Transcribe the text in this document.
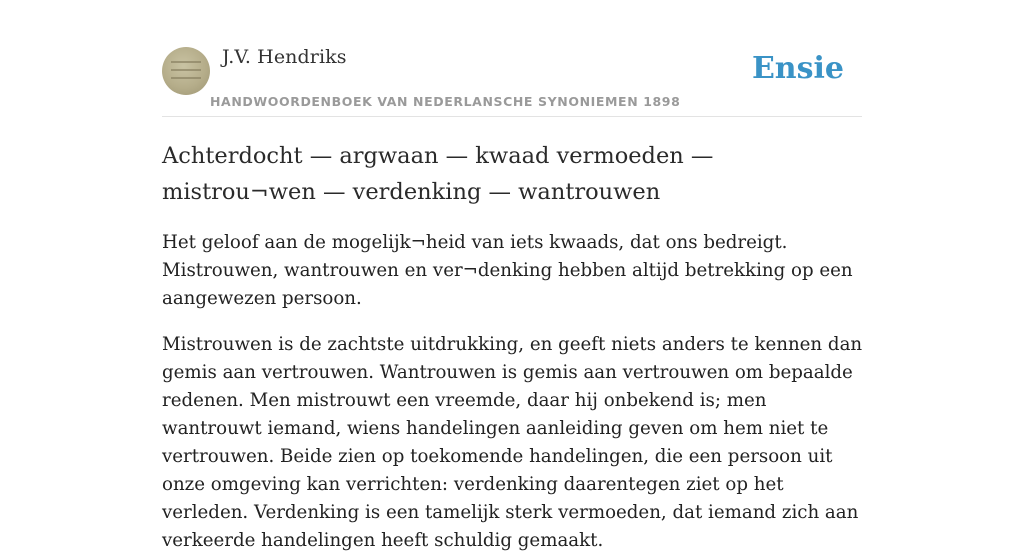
J.V. Hendriks
HANDWOORDENBOEK VAN NEDERLANSCHE SYNONIEMEN 1898
Ensie
Achterdocht — argwaan — kwaad vermoeden — mistrou¬wen — verdenking — wantrouwen

Het geloof aan de mogelijk¬heid van iets kwaads, dat ons bedreigt. Mistrouwen, wantrouwen en ver¬denking hebben altijd betrekking op een aangewezen persoon.

Mistrouwen is de zachtste uitdrukking, en geeft niets anders te kennen dan gemis aan vertrouwen. Wantrouwen is gemis aan vertrouwen om bepaalde redenen. Men mistrouwt een vreemde, daar hij onbekend is; men wantrouwt iemand, wiens handelingen aanleiding geven om hem niet te vertrouwen. Beide zien op toekomende handelingen, die een persoon uit onze omgeving kan verrichten: verdenking daarentegen ziet op het verleden. Verdenking is een tamelijk sterk vermoeden, dat iemand zich aan verkeerde handelingen heeft schuldig gemaakt.
